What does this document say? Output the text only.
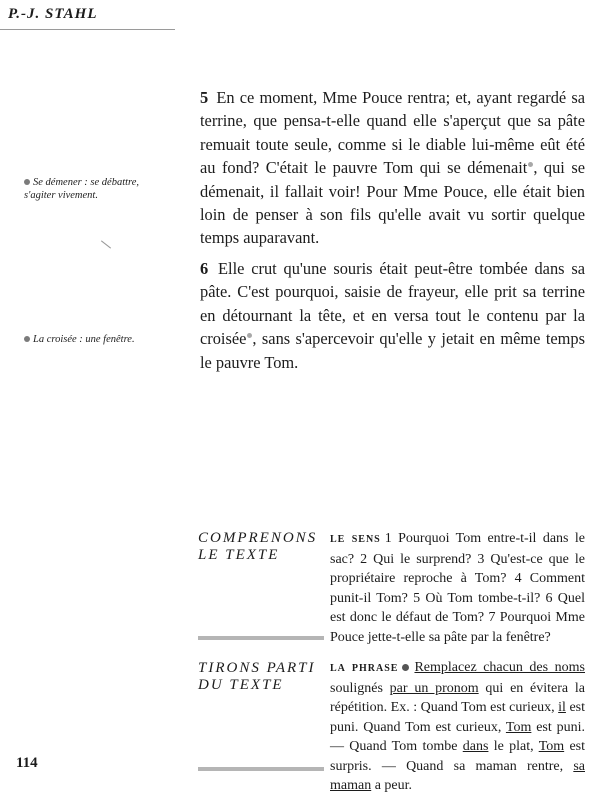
P.-J. STAHL
Se démener : se débattre, s'agiter vivement.
La croisée : une fenêtre.
5 En ce moment, Mme Pouce rentra; et, ayant regardé sa terrine, que pensa-t-elle quand elle s'aperçut que sa pâte remuait toute seule, comme si le diable lui-même eût été au fond? C'était le pauvre Tom qui se démenait , qui se démenait, il fallait voir! Pour Mme Pouce, elle était bien loin de penser à son fils qu'elle avait vu sortir quelque temps auparavant.
6 Elle crut qu'une souris était peut-être tombée dans sa pâte. C'est pourquoi, saisie de frayeur, elle prit sa terrine en détournant la tête, et en versa tout le contenu par la croisée , sans s'apercevoir qu'elle y jetait en même temps le pauvre Tom.
COMPRENONS
LE TEXTE
LE SENS 1 Pourquoi Tom entre-t-il dans le sac? 2 Qui le surprend? 3 Qu'est-ce que le propriétaire reproche à Tom? 4 Comment punit-il Tom? 5 Où Tom tombe-t-il? 6 Quel est donc le défaut de Tom? 7 Pourquoi Mme Pouce jette-t-elle sa pâte par la fenêtre?
TIRONS PARTI
DU TEXTE
LA PHRASE Remplacez chacun des noms soulignés par un pronom qui en évitera la répétition. Ex. : Quand Tom est curieux, il est puni. Quand Tom est curieux, Tom est puni. — Quand Tom tombe dans le plat, Tom est surpris. — Quand sa maman rentre, sa maman a peur.
114
